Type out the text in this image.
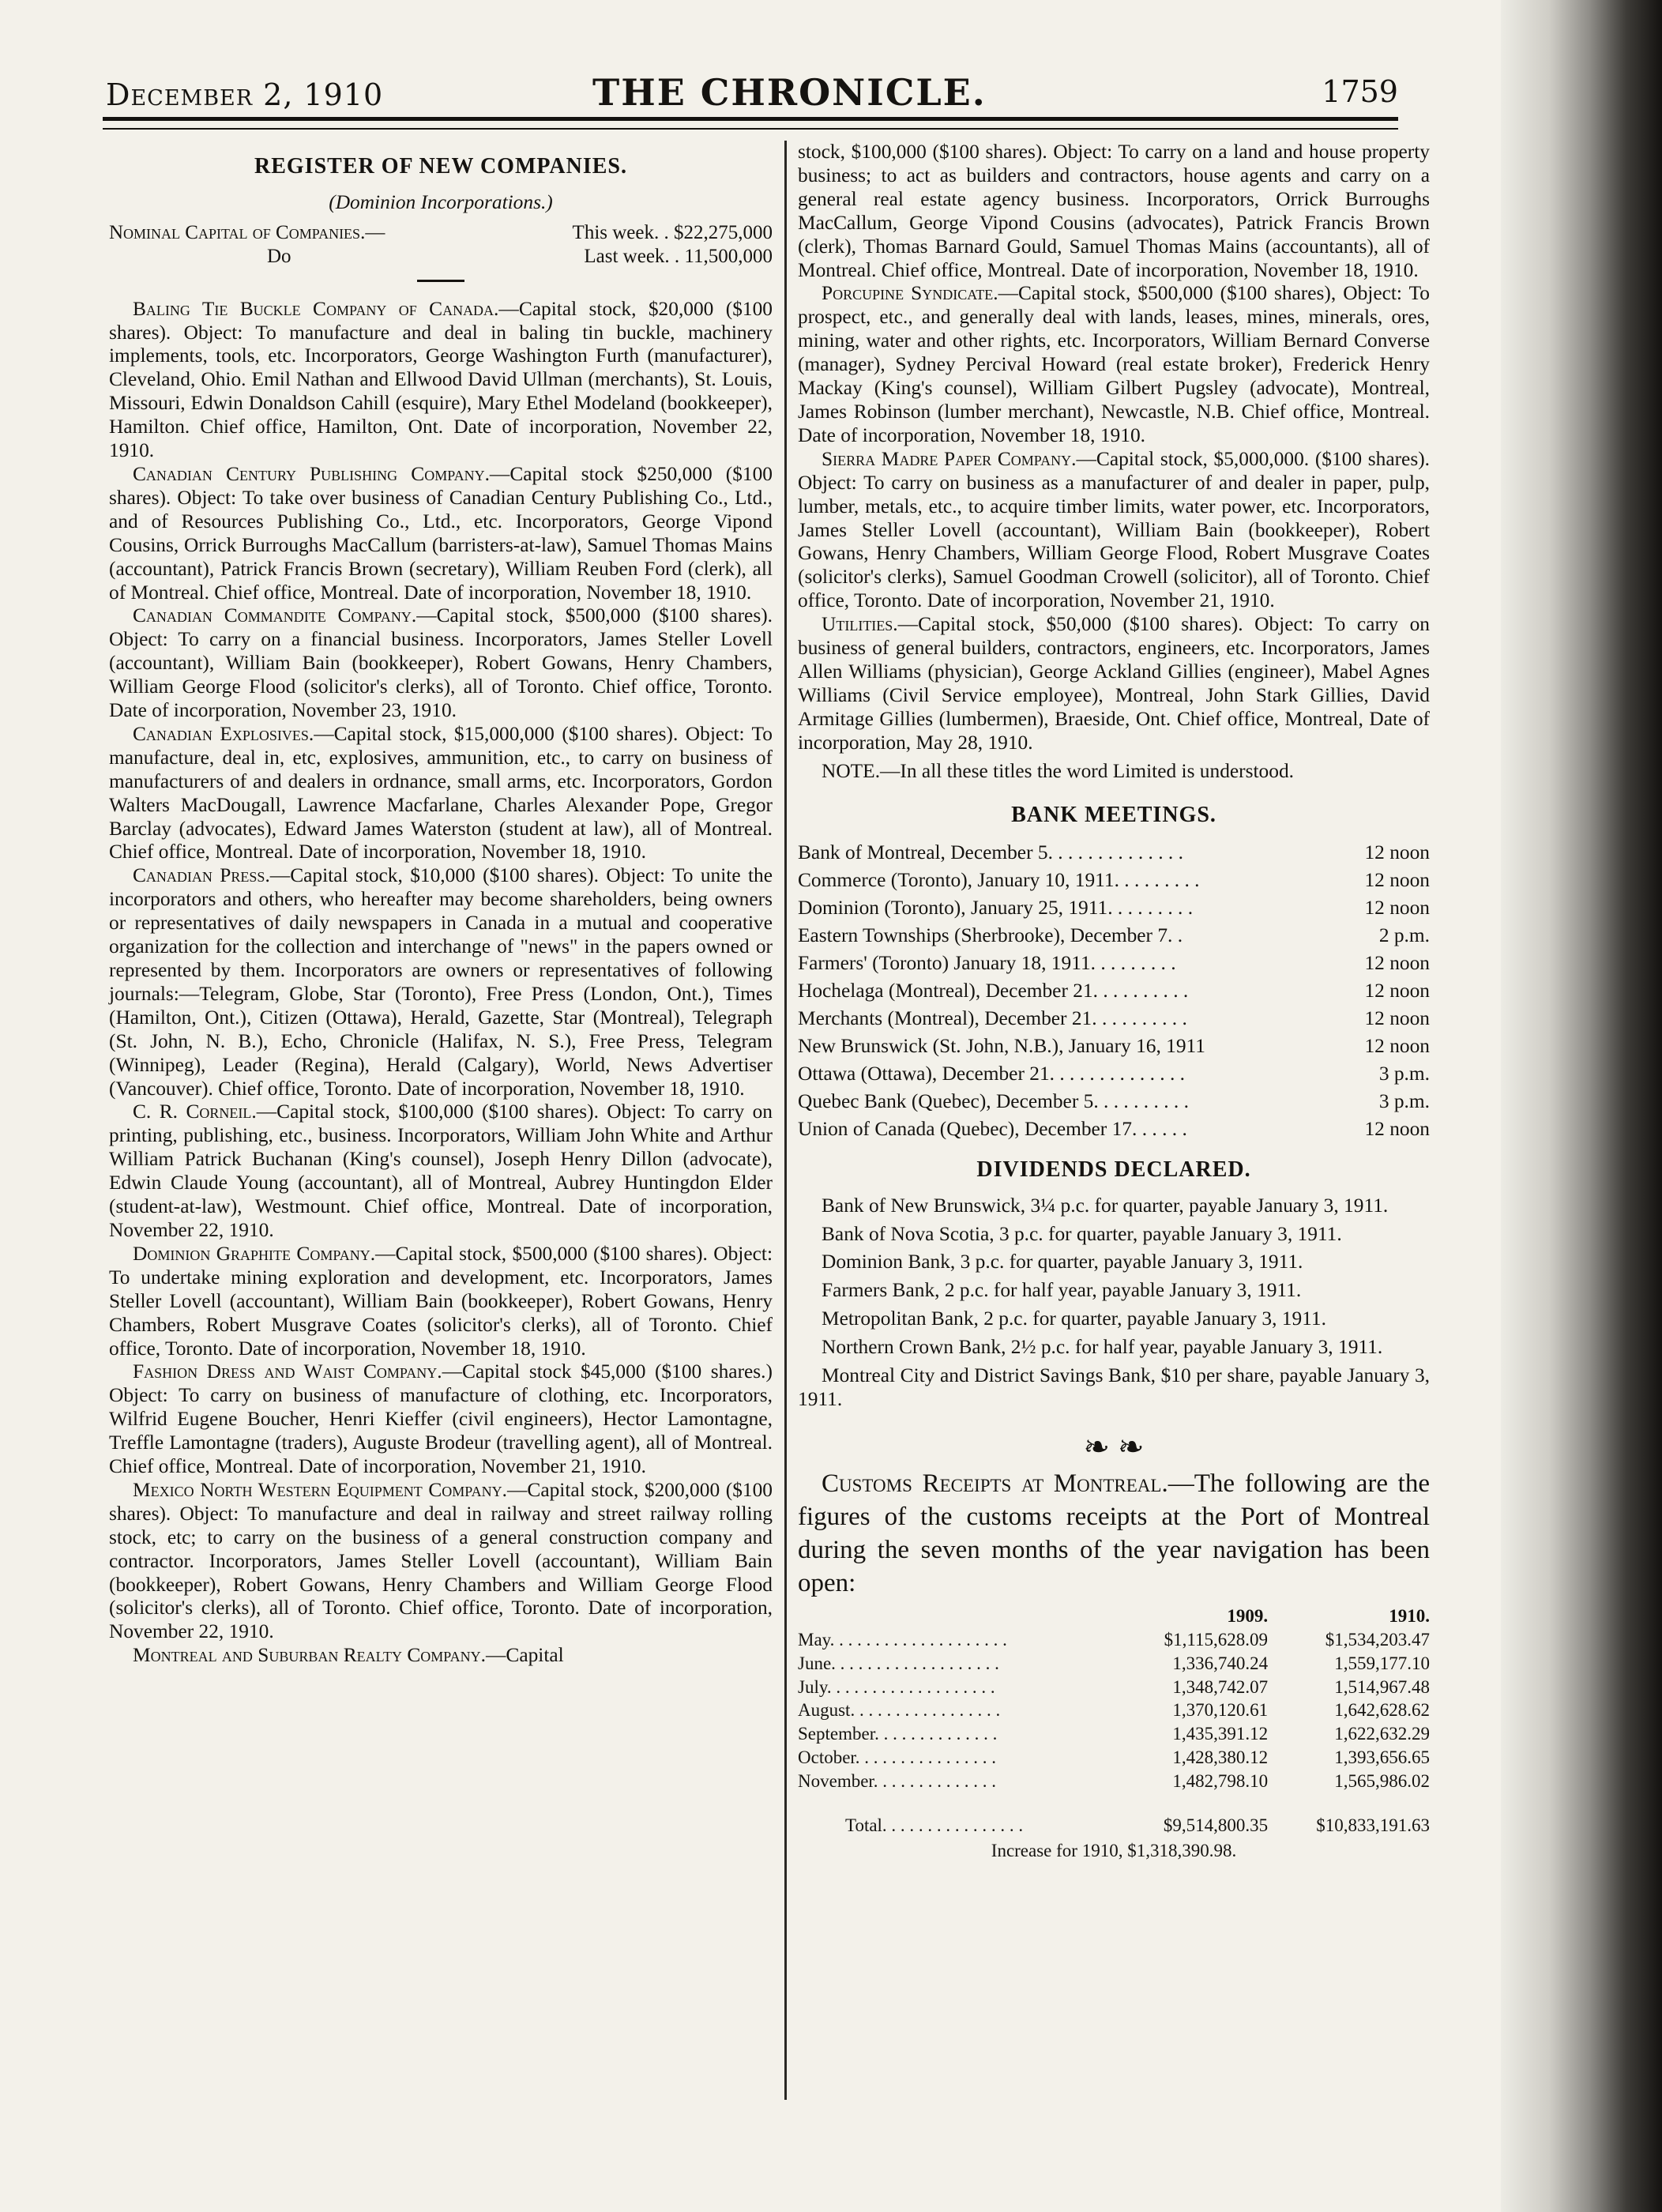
December 2, 1910	THE CHRONICLE.	1759
REGISTER OF NEW COMPANIES.
(Dominion Incorporations.)
Nominal Capital of Companies.—	This week. . $22,275,000
Do	Last week. . 11,500,000

Baling Tie Buckle Company of Canada.—Capital stock, $20,000 ($100 shares). Object: To manufacture and deal in baling tin buckle, machinery implements, tools, etc. Incorporators, George Washington Furth (manufacturer), Cleveland, Ohio. Emil Nathan and Ellwood David Ullman (merchants), St. Louis, Missouri, Edwin Donaldson Cahill (esquire), Mary Ethel Modeland (bookkeeper), Hamilton. Chief office, Hamilton, Ont. Date of incorporation, November 22, 1910.

Canadian Century Publishing Company.—Capital stock $250,000 ($100 shares). Object: To take over business of Canadian Century Publishing Co., Ltd., and of Resources Publishing Co., Ltd., etc. Incorporators, George Vipond Cousins, Orrick Burroughs MacCallum (barristers-at-law), Samuel Thomas Mains (accountant), Patrick Francis Brown (secretary), William Reuben Ford (clerk), all of Montreal. Chief office, Montreal. Date of incorporation, November 18, 1910.

Canadian Commandite Company.—Capital stock, $500,000 ($100 shares). Object: To carry on a financial business. Incorporators, James Steller Lovell (accountant), William Bain (bookkeeper), Robert Gowans, Henry Chambers, William George Flood (solicitor's clerks), all of Toronto. Chief office, Toronto. Date of incorporation, November 23, 1910.

Canadian Explosives.—Capital stock, $15,000,000 ($100 shares). Object: To manufacture, deal in, etc, explosives, ammunition, etc., to carry on business of manufacturers of and dealers in ordnance, small arms, etc. Incorporators, Gordon Walters MacDougall, Lawrence Macfarlane, Charles Alexander Pope, Gregor Barclay (advocates), Edward James Waterston (student at law), all of Montreal. Chief office, Montreal. Date of incorporation, November 18, 1910.

Canadian Press.—Capital stock, $10,000 ($100 shares). Object: To unite the incorporators and others, who hereafter may become shareholders, being owners or representatives of daily newspapers in Canada in a mutual and cooperative organization for the collection and interchange of "news" in the papers owned or represented by them. Incorporators are owners or representatives of following journals:—Telegram, Globe, Star (Toronto), Free Press (London, Ont.), Times (Hamilton, Ont.), Citizen (Ottawa), Herald, Gazette, Star (Montreal), Telegraph (St. John, N. B.), Echo, Chronicle (Halifax, N. S.), Free Press, Telegram (Winnipeg), Leader (Regina), Herald (Calgary), World, News Advertiser (Vancouver). Chief office, Toronto. Date of incorporation, November 18, 1910.

C. R. Corneil.—Capital stock, $100,000 ($100 shares). Object: To carry on printing, publishing, etc., business. Incorporators, William John White and Arthur William Patrick Buchanan (King's counsel), Joseph Henry Dillon (advocate), Edwin Claude Young (accountant), all of Montreal, Aubrey Huntingdon Elder (student-at-law), Westmount. Chief office, Montreal. Date of incorporation, November 22, 1910.

Dominion Graphite Company.—Capital stock, $500,000 ($100 shares). Object: To undertake mining exploration and development, etc. Incorporators, James Steller Lovell (accountant), William Bain (bookkeeper), Robert Gowans, Henry Chambers, Robert Musgrave Coates (solicitor's clerks), all of Toronto. Chief office, Toronto. Date of incorporation, November 18, 1910.

Fashion Dress and Waist Company.—Capital stock $45,000 ($100 shares.) Object: To carry on business of manufacture of clothing, etc. Incorporators, Wilfrid Eugene Boucher, Henri Kieffer (civil engineers), Hector Lamontagne, Treffle Lamontagne (traders), Auguste Brodeur (travelling agent), all of Montreal. Chief office, Montreal. Date of incorporation, November 21, 1910.

Mexico North Western Equipment Company.—Capital stock, $200,000 ($100 shares). Object: To manufacture and deal in railway and street railway rolling stock, etc; to carry on the business of a general construction company and contractor. Incorporators, James Steller Lovell (accountant), William Bain (bookkeeper), Robert Gowans, Henry Chambers and William George Flood (solicitor's clerks), all of Toronto. Chief office, Toronto. Date of incorporation, November 22, 1910.

Montreal and Suburban Realty Company.—Capital

stock, $100,000 ($100 shares). Object: To carry on a land and house property business; to act as builders and contractors, house agents and carry on a general real estate agency business. Incorporators, Orrick Burroughs MacCallum, George Vipond Cousins (advocates), Patrick Francis Brown (clerk), Thomas Barnard Gould, Samuel Thomas Mains (accountants), all of Montreal. Chief office, Montreal. Date of incorporation, November 18, 1910.

Porcupine Syndicate.—Capital stock, $500,000 ($100 shares), Object: To prospect, etc., and generally deal with lands, leases, mines, minerals, ores, mining, water and other rights, etc. Incorporators, William Bernard Converse (manager), Sydney Percival Howard (real estate broker), Frederick Henry Mackay (King's counsel), William Gilbert Pugsley (advocate), Montreal, James Robinson (lumber merchant), Newcastle, N.B. Chief office, Montreal. Date of incorporation, November 18, 1910.

Sierra Madre Paper Company.—Capital stock, $5,000,000. ($100 shares). Object: To carry on business as a manufacturer of and dealer in paper, pulp, lumber, metals, etc., to acquire timber limits, water power, etc. Incorporators, James Steller Lovell (accountant), William Bain (bookkeeper), Robert Gowans, Henry Chambers, William George Flood, Robert Musgrave Coates (solicitor's clerks), Samuel Goodman Crowell (solicitor), all of Toronto. Chief office, Toronto. Date of incorporation, November 21, 1910.

Utilities.—Capital stock, $50,000 ($100 shares). Object: To carry on business of general builders, contractors, engineers, etc. Incorporators, James Allen Williams (physician), George Ackland Gillies (engineer), Mabel Agnes Williams (Civil Service employee), Montreal, John Stark Gillies, David Armitage Gillies (lumbermen), Braeside, Ont. Chief office, Montreal, Date of incorporation, May 28, 1910.

NOTE.—In all these titles the word Limited is understood.

BANK MEETINGS.
Bank of Montreal, December 5. . . . . . . . . . . . . .	12 noon
Commerce (Toronto), January 10, 1911. . . . . . . . .	12 noon
Dominion (Toronto), January 25, 1911. . . . . . . . .	12 noon
Eastern Townships (Sherbrooke), December 7. .	2 p.m.
Farmers' (Toronto) January 18, 1911. . . . . . . . .	12 noon
Hochelaga (Montreal), December 21. . . . . . . . . .	12 noon
Merchants (Montreal), December 21. . . . . . . . . .	12 noon
New Brunswick (St. John, N.B.), January 16, 1911	12 noon
Ottawa (Ottawa), December 21. . . . . . . . . . . . . .	3 p.m.
Quebec Bank (Quebec), December 5. . . . . . . . . .	3 p.m.
Union of Canada (Quebec), December 17. . . . . .	12 noon
DIVIDENDS DECLARED.

Bank of New Brunswick, 3¼ p.c. for quarter, payable January 3, 1911.

Bank of Nova Scotia, 3 p.c. for quarter, payable January 3, 1911.

Dominion Bank, 3 p.c. for quarter, payable January 3, 1911.

Farmers Bank, 2 p.c. for half year, payable January 3, 1911.

Metropolitan Bank, 2 p.c. for quarter, payable January 3, 1911.

Northern Crown Bank, 2½ p.c. for half year, payable January 3, 1911.

Montreal City and District Savings Bank, $10 per share, payable January 3, 1911.

❧ ❧

Customs Receipts at Montreal.—The following are the figures of the customs receipts at the Port of Montreal during the seven months of the year navigation has been open:

	1909.	1910.
May. . . . . . . . . . . . . . . . . . . .	$1,115,628.09	$1,534,203.47
June. . . . . . . . . . . . . . . . . . .	1,336,740.24	1,559,177.10
July. . . . . . . . . . . . . . . . . . .	1,348,742.07	1,514,967.48
August. . . . . . . . . . . . . . . . .	1,370,120.61	1,642,628.62
September. . . . . . . . . . . . . .	1,435,391.12	1,622,632.29
October. . . . . . . . . . . . . . . .	1,428,380.12	1,393,656.65
November. . . . . . . . . . . . . .	1,482,798.10	1,565,986.02
Total. . . . . . . . . . . . . . . .	$9,514,800.35	$10,833,191.63
Increase for 1910, $1,318,390.98.
